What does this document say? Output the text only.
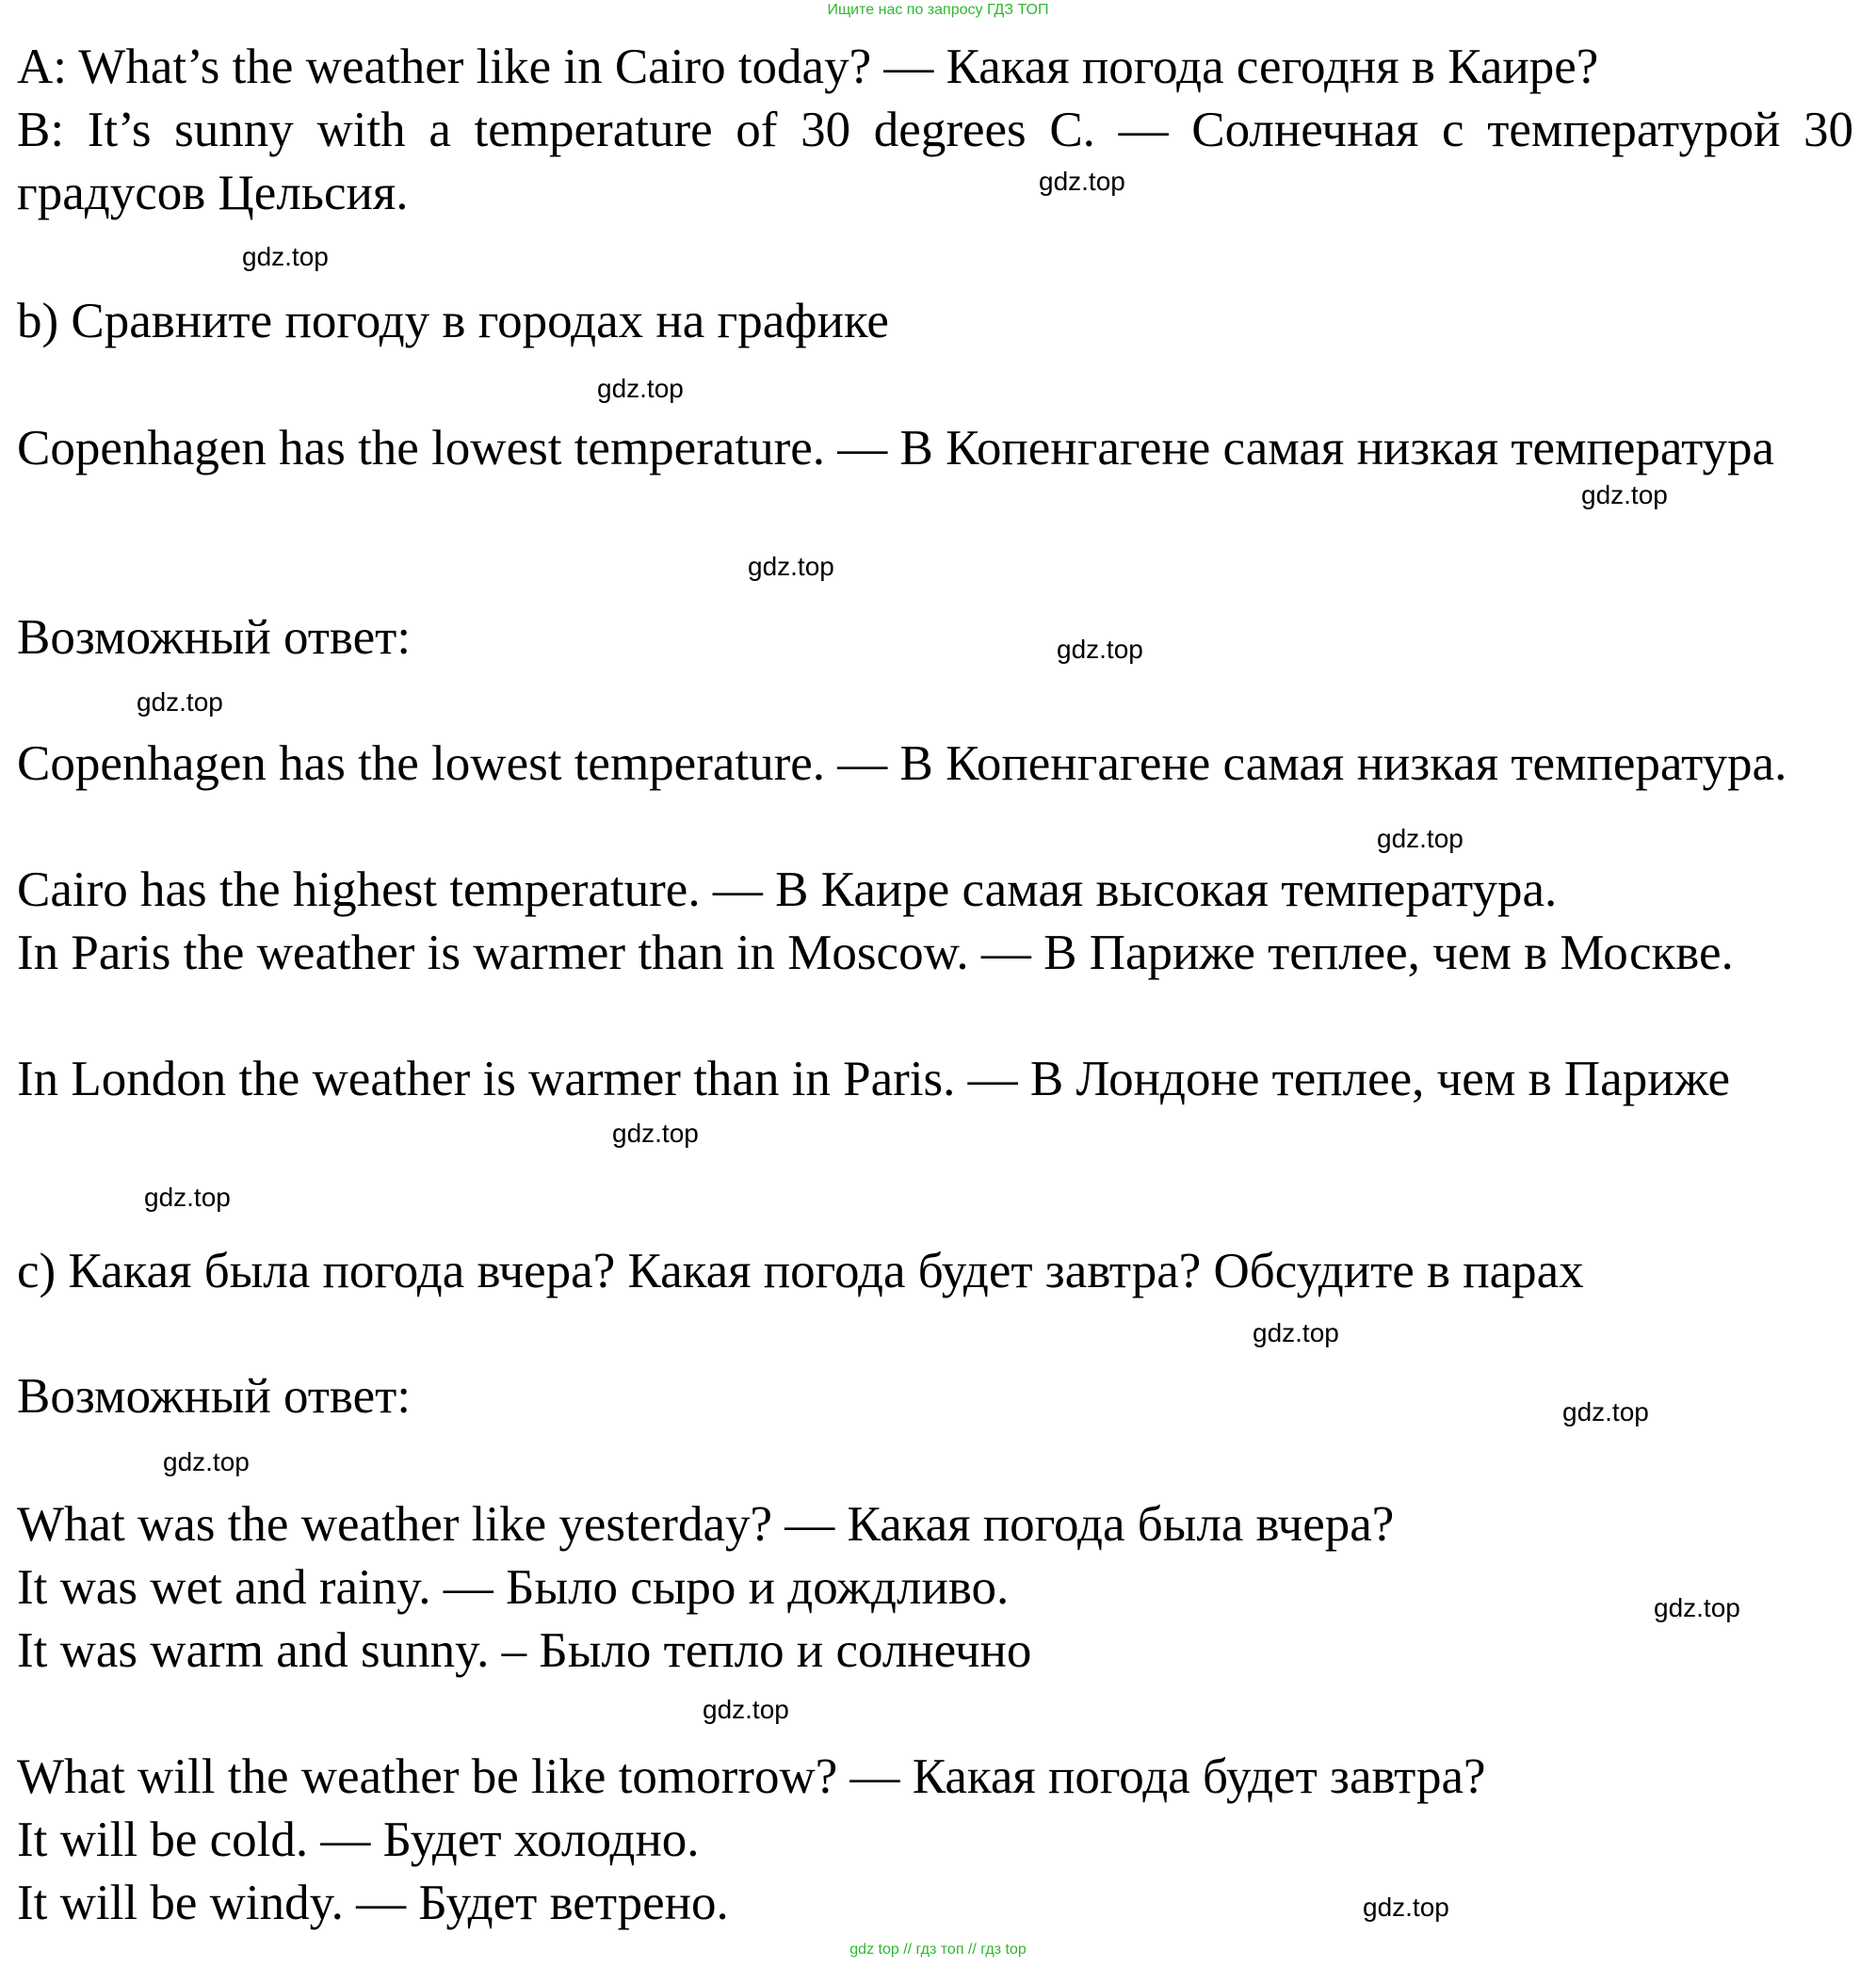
Ищите нас по запросу ГДЗ ТОП
A: What’s the weather like in Cairo today? — Какая погода сегодня в Каире?
B: It’s sunny with a temperature of 30 degrees C. — Солнечная с температурой 30 градусов Цельсия.
b) Сравните погоду в городах на графике
Copenhagen has the lowest temperature. — В Копенгагене самая низкая температура
Возможный ответ:
Copenhagen has the lowest temperature. — В Копенгагене самая низкая температура.
Cairo has the highest temperature. — В Каире самая высокая температура.
In Paris the weather is warmer than in Moscow. — В Париже теплее, чем в Москве.
In London the weather is warmer than in Paris. — В Лондоне теплее, чем в Париже
c) Какая была погода вчера? Какая погода будет завтра? Обсудите в парах
Возможный ответ:
What was the weather like yesterday? — Какая погода была вчера?
It was wet and rainy. — Было сыро и дождливо.
It was warm and sunny. – Было тепло и солнечно
What will the weather be like tomorrow? — Какая погода будет завтра?
It will be cold. — Будет холодно.
It will be windy. — Будет ветрено.
gdz.top
gdz.top
gdz.top
gdz.top
gdz.top
gdz.top
gdz.top
gdz.top
gdz.top
gdz.top
gdz.top
gdz.top
gdz.top
gdz.top
gdz.top
gdz.top
gdz top // гдз топ // гдз top
